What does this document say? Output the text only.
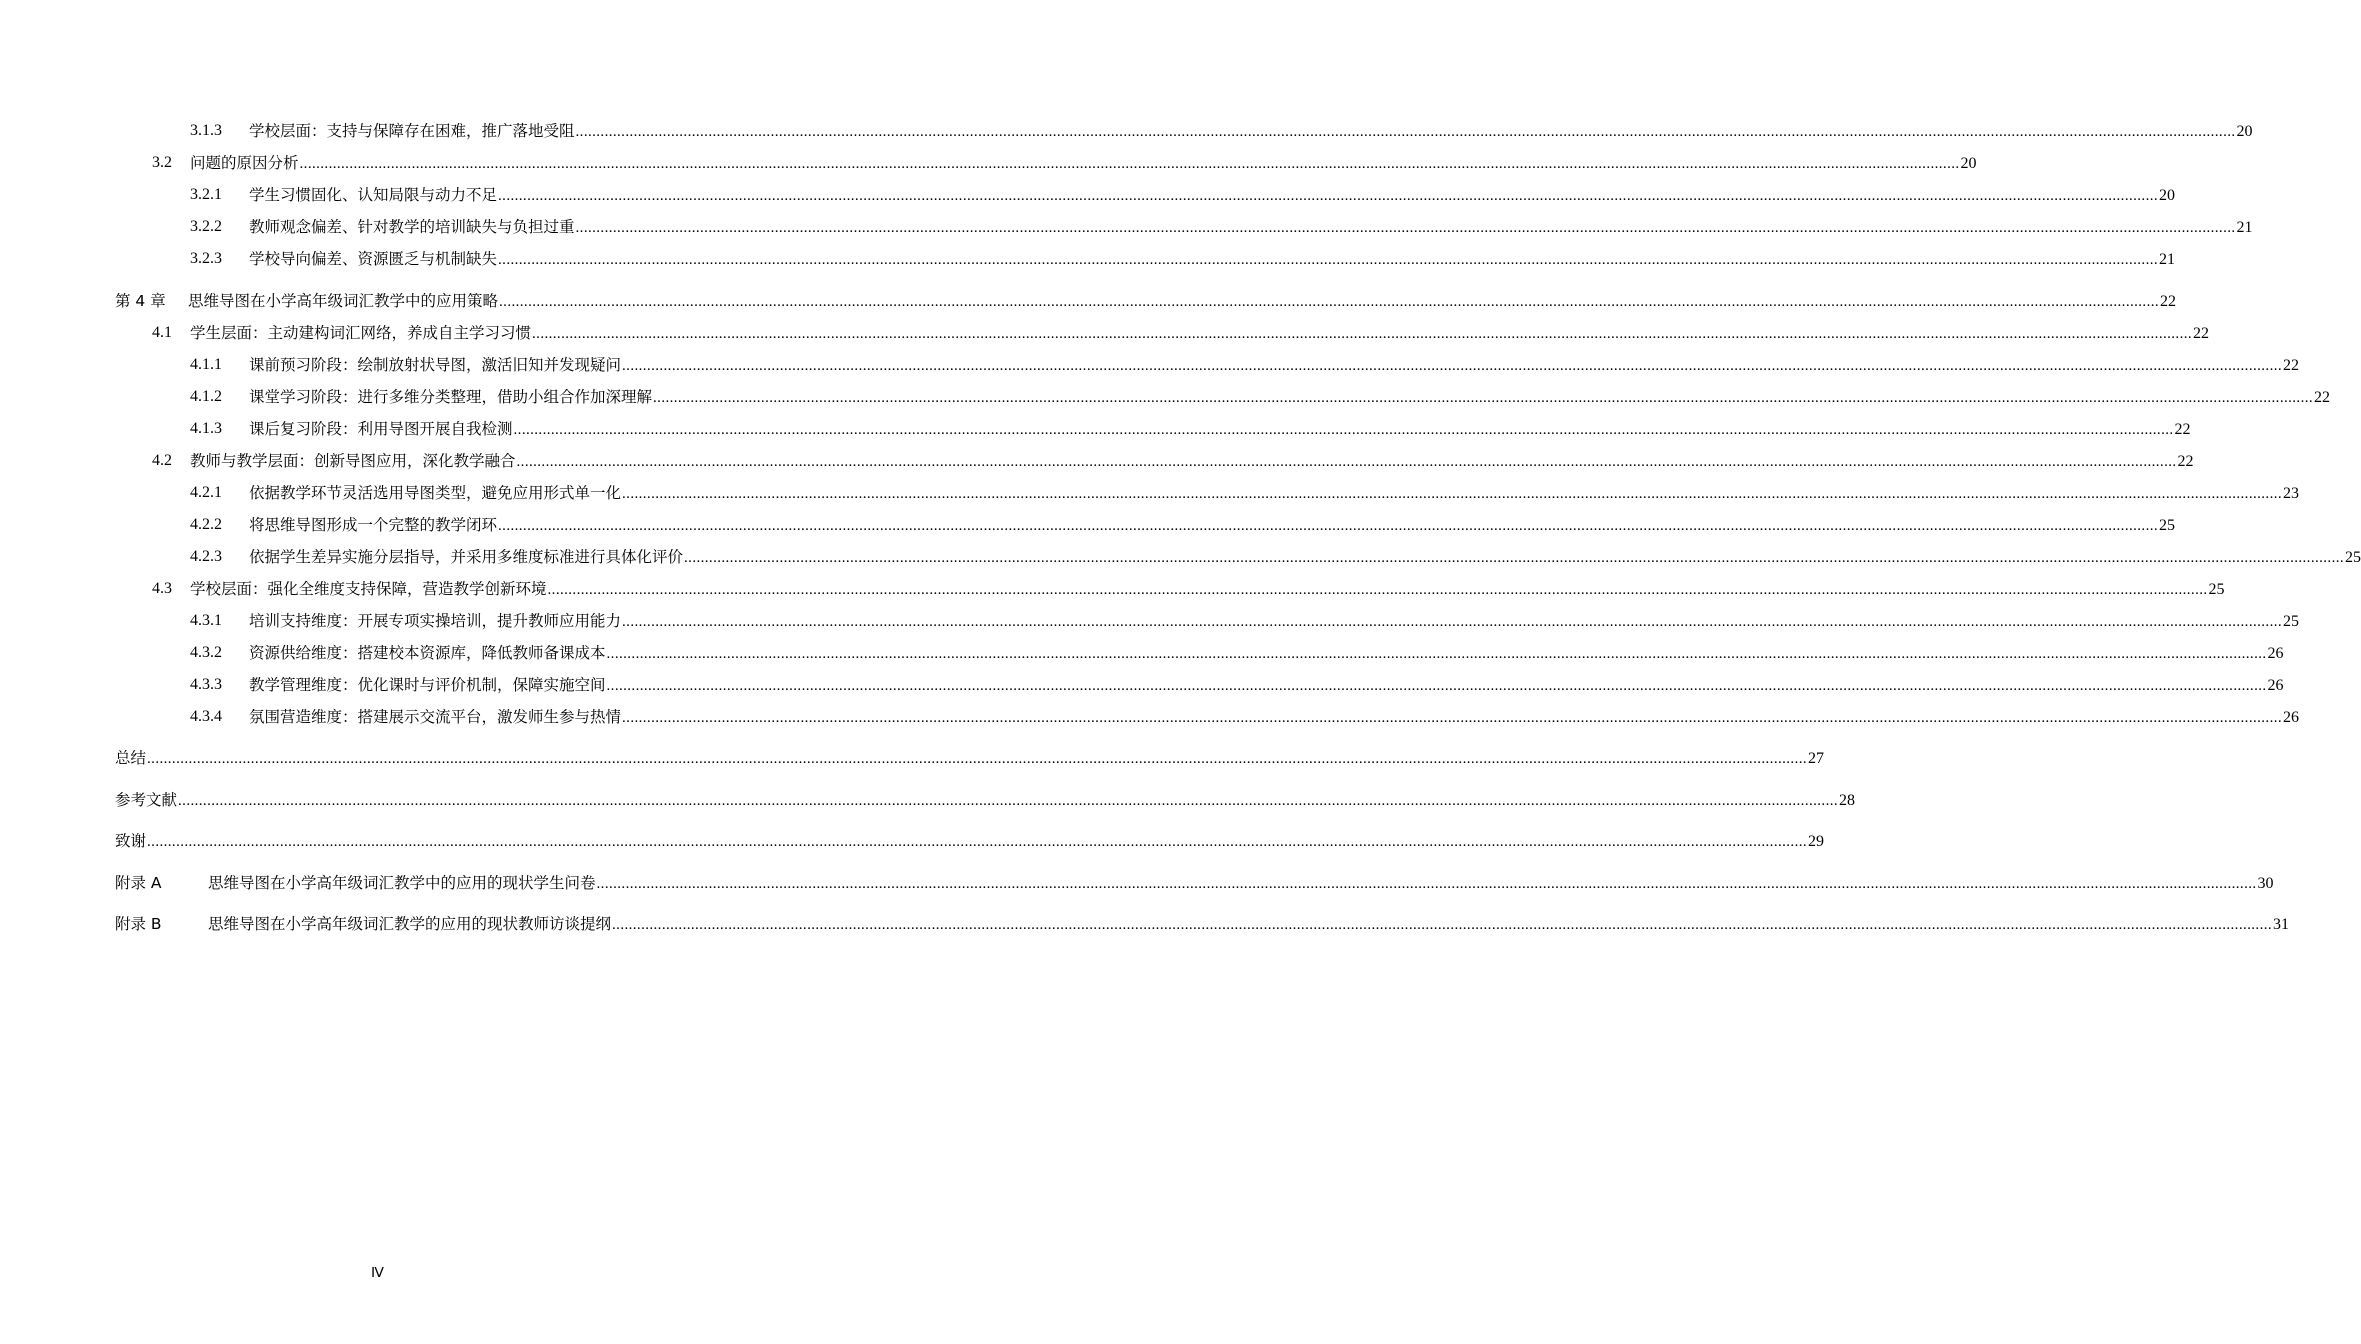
3.1.3 学校层面：支持与保障存在困难，推广落地受阻 ................................................................................................................................................................................................................................................................................................................................................................................................................ 20
3.2 问题的原因分析 ................................................................................................................................................................................................................................................................................................................................................................................................................ 20
3.2.1 学生习惯固化、认知局限与动力不足 ................................................................................................................................................................................................................................................................................................................................................................................................................ 20
3.2.2 教师观念偏差、针对教学的培训缺失与负担过重 ................................................................................................................................................................................................................................................................................................................................................................................................................ 21
3.2.3 学校导向偏差、资源匮乏与机制缺失 ................................................................................................................................................................................................................................................................................................................................................................................................................ 21
第 4 章 思维导图在小学高年级词汇教学中的应用策略 ................................................................................................................................................................................................................................................................................................................................................................................................................ 22
4.1 学生层面：主动建构词汇网络，养成自主学习习惯 ................................................................................................................................................................................................................................................................................................................................................................................................................ 22
4.1.1 课前预习阶段：绘制放射状导图，激活旧知并发现疑问 ................................................................................................................................................................................................................................................................................................................................................................................................................ 22
4.1.2 课堂学习阶段：进行多维分类整理，借助小组合作加深理解 ................................................................................................................................................................................................................................................................................................................................................................................................................ 22
4.1.3 课后复习阶段：利用导图开展自我检测 ................................................................................................................................................................................................................................................................................................................................................................................................................ 22
4.2 教师与教学层面：创新导图应用，深化教学融合 ................................................................................................................................................................................................................................................................................................................................................................................................................ 22
4.2.1 依据教学环节灵活选用导图类型，避免应用形式单一化 ................................................................................................................................................................................................................................................................................................................................................................................................................ 23
4.2.2 将思维导图形成一个完整的教学闭环 ................................................................................................................................................................................................................................................................................................................................................................................................................ 25
4.2.3 依据学生差异实施分层指导，并采用多维度标准进行具体化评价 ................................................................................................................................................................................................................................................................................................................................................................................................................ 25
4.3 学校层面：强化全维度支持保障，营造教学创新环境 ................................................................................................................................................................................................................................................................................................................................................................................................................ 25
4.3.1 培训支持维度：开展专项实操培训，提升教师应用能力 ................................................................................................................................................................................................................................................................................................................................................................................................................ 25
4.3.2 资源供给维度：搭建校本资源库，降低教师备课成本 ................................................................................................................................................................................................................................................................................................................................................................................................................ 26
4.3.3 教学管理维度：优化课时与评价机制，保障实施空间 ................................................................................................................................................................................................................................................................................................................................................................................................................ 26
4.3.4 氛围营造维度：搭建展示交流平台，激发师生参与热情 ................................................................................................................................................................................................................................................................................................................................................................................................................ 26
总结 ................................................................................................................................................................................................................................................................................................................................................................................................................ 27
参考文献 ................................................................................................................................................................................................................................................................................................................................................................................................................ 28
致谢 ................................................................................................................................................................................................................................................................................................................................................................................................................ 29
附录 A	思维导图在小学高年级词汇教学中的应用的现状学生问卷 ................................................................................................................................................................................................................................................................................................................................................................................................................ 30
附录 B	思维导图在小学高年级词汇教学的应用的现状教师访谈提纲 ................................................................................................................................................................................................................................................................................................................................................................................................................ 31
Ⅳ
